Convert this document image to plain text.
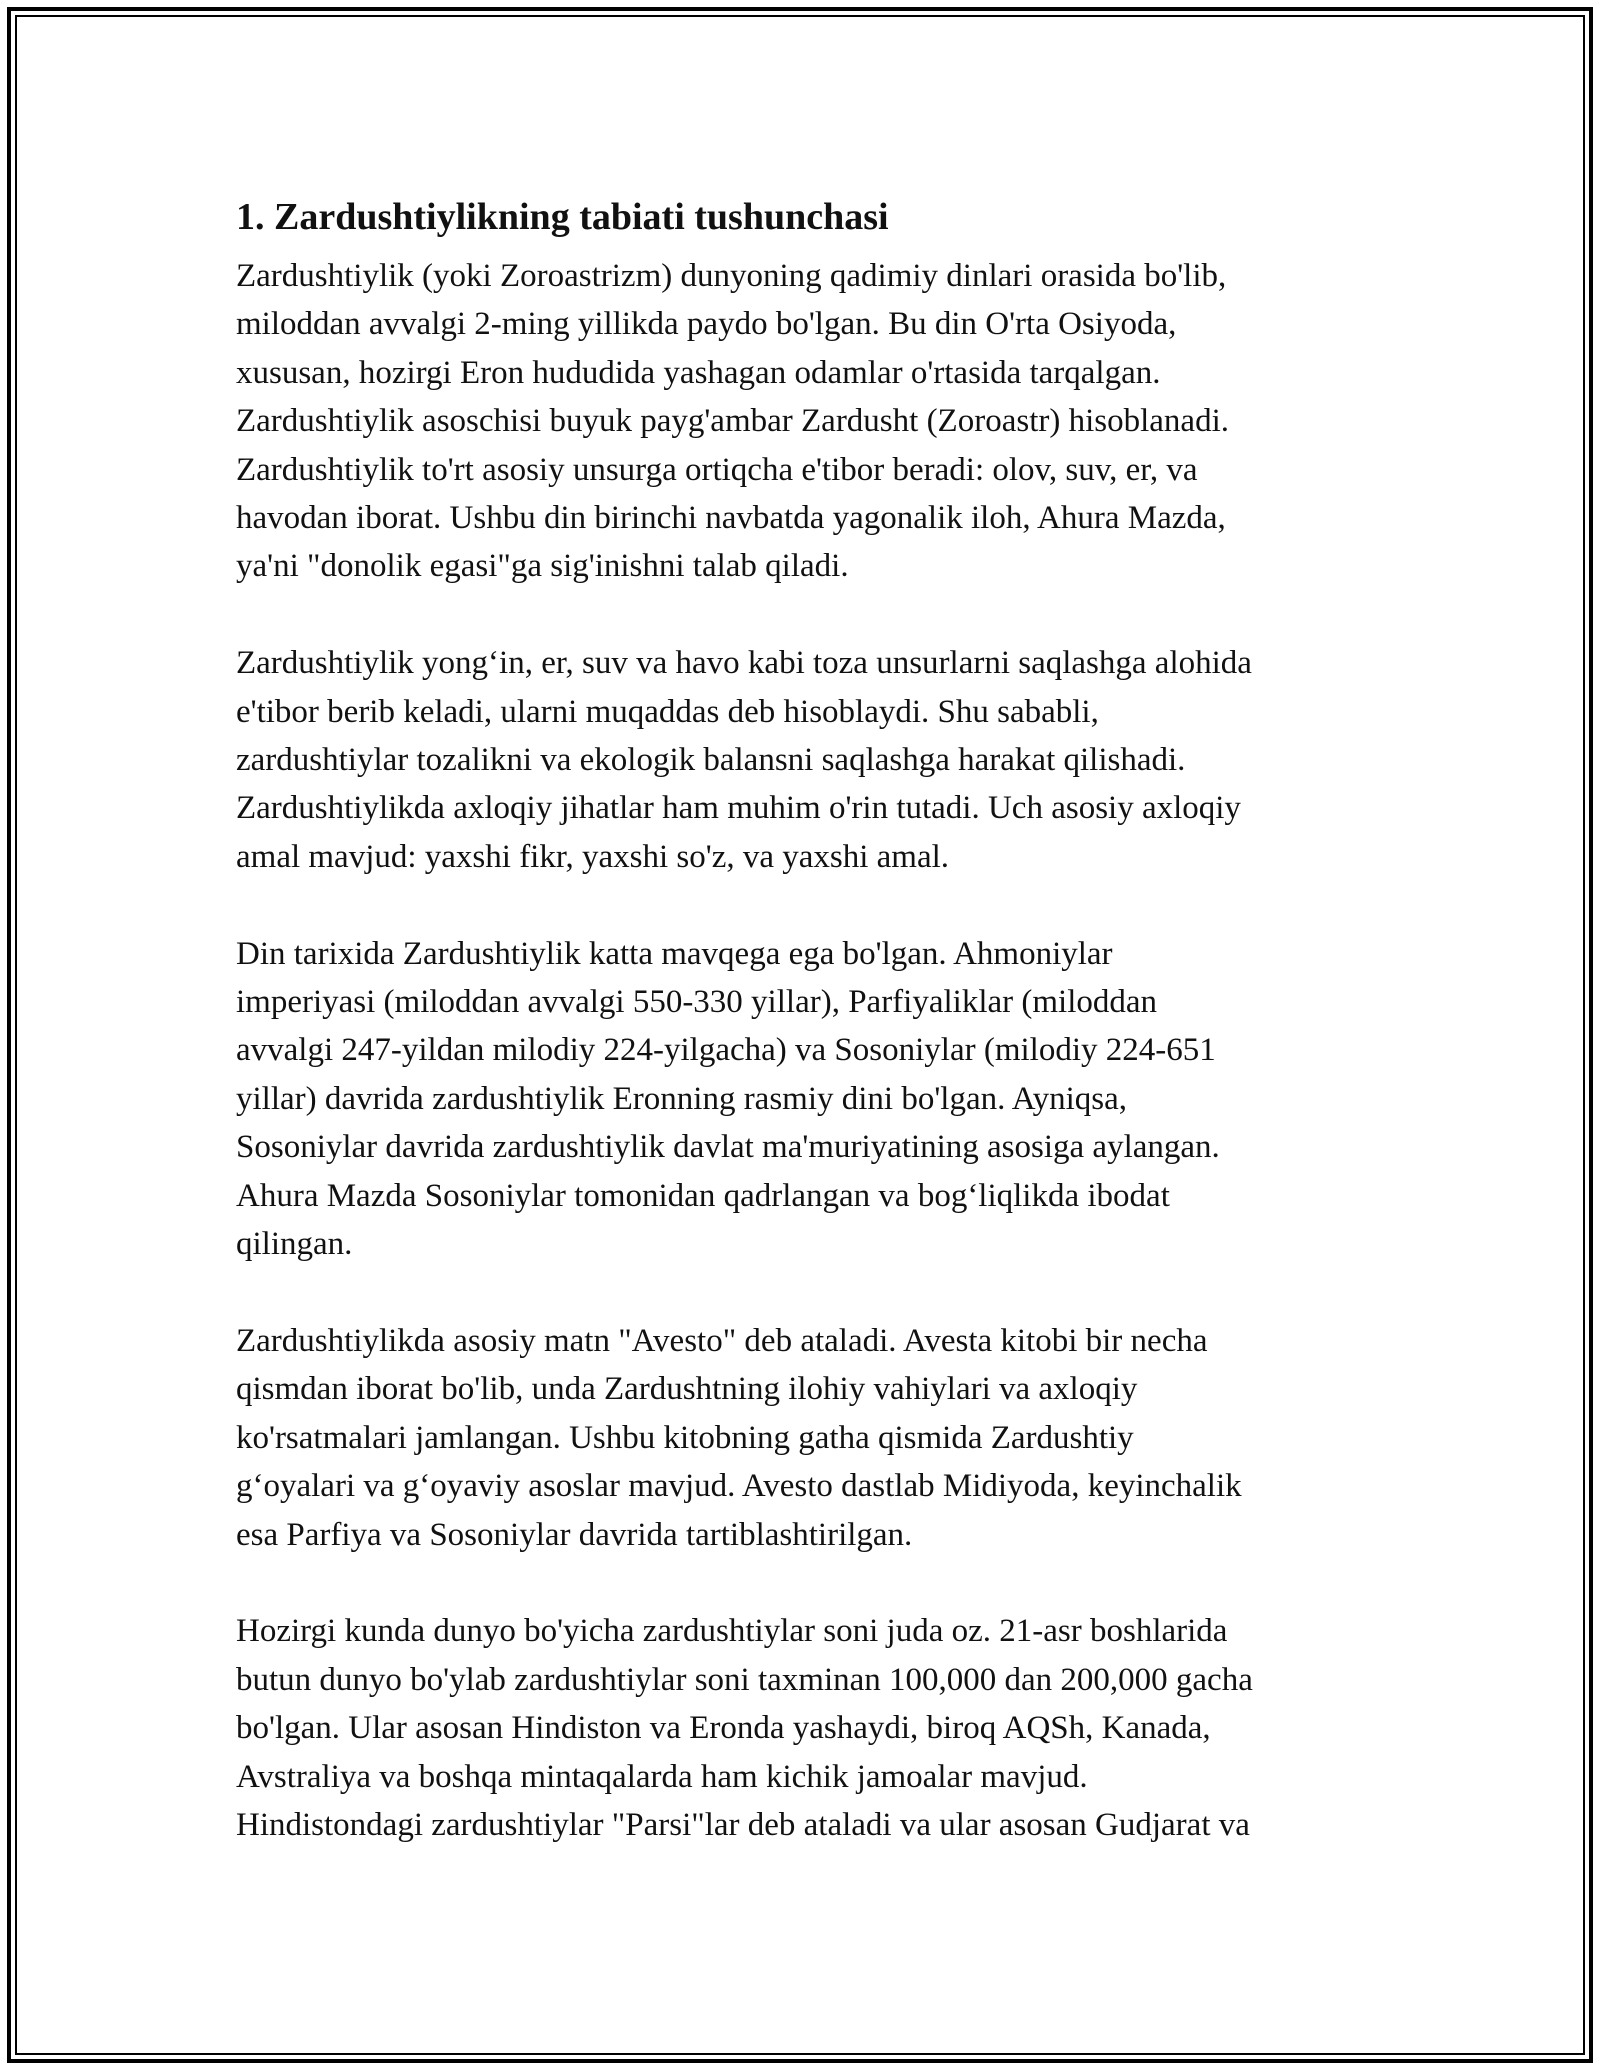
1. Zardushtiylikning tabiati tushunchasi

Zardushtiylik (yoki Zoroastrizm) dunyoning qadimiy dinlari orasida bo'lib,
miloddan avvalgi 2-ming yillikda paydo bo'lgan. Bu din O'rta Osiyoda,
xususan, hozirgi Eron hududida yashagan odamlar o'rtasida tarqalgan.
Zardushtiylik asoschisi buyuk payg'ambar Zardusht (Zoroastr) hisoblanadi.
Zardushtiylik to'rt asosiy unsurga ortiqcha e'tibor beradi: olov, suv, er, va
havodan iborat. Ushbu din birinchi navbatda yagonalik iloh, Ahura Mazda,
ya'ni "donolik egasi"ga sig'inishni talab qiladi.

Zardushtiylik yong‘in, er, suv va havo kabi toza unsurlarni saqlashga alohida
e'tibor berib keladi, ularni muqaddas deb hisoblaydi. Shu sababli,
zardushtiylar tozalikni va ekologik balansni saqlashga harakat qilishadi.
Zardushtiylikda axloqiy jihatlar ham muhim o'rin tutadi. Uch asosiy axloqiy
amal mavjud: yaxshi fikr, yaxshi so'z, va yaxshi amal.

Din tarixida Zardushtiylik katta mavqega ega bo'lgan. Ahmoniylar
imperiyasi (miloddan avvalgi 550-330 yillar), Parfiyaliklar (miloddan
avvalgi 247-yildan milodiy 224-yilgacha) va Sosoniylar (milodiy 224-651
yillar) davrida zardushtiylik Eronning rasmiy dini bo'lgan. Ayniqsa,
Sosoniylar davrida zardushtiylik davlat ma'muriyatining asosiga aylangan.
Ahura Mazda Sosoniylar tomonidan qadrlangan va bog‘liqlikda ibodat
qilingan.

Zardushtiylikda asosiy matn "Avesto" deb ataladi. Avesta kitobi bir necha
qismdan iborat bo'lib, unda Zardushtning ilohiy vahiylari va axloqiy
ko'rsatmalari jamlangan. Ushbu kitobning gatha qismida Zardushtiy
g‘oyalari va g‘oyaviy asoslar mavjud. Avesto dastlab Midiyoda, keyinchalik
esa Parfiya va Sosoniylar davrida tartiblashtirilgan.

Hozirgi kunda dunyo bo'yicha zardushtiylar soni juda oz. 21-asr boshlarida
butun dunyo bo'ylab zardushtiylar soni taxminan 100,000 dan 200,000 gacha
bo'lgan. Ular asosan Hindiston va Eronda yashaydi, biroq AQSh, Kanada,
Avstraliya va boshqa mintaqalarda ham kichik jamoalar mavjud.
Hindistondagi zardushtiylar "Parsi"lar deb ataladi va ular asosan Gudjarat va
